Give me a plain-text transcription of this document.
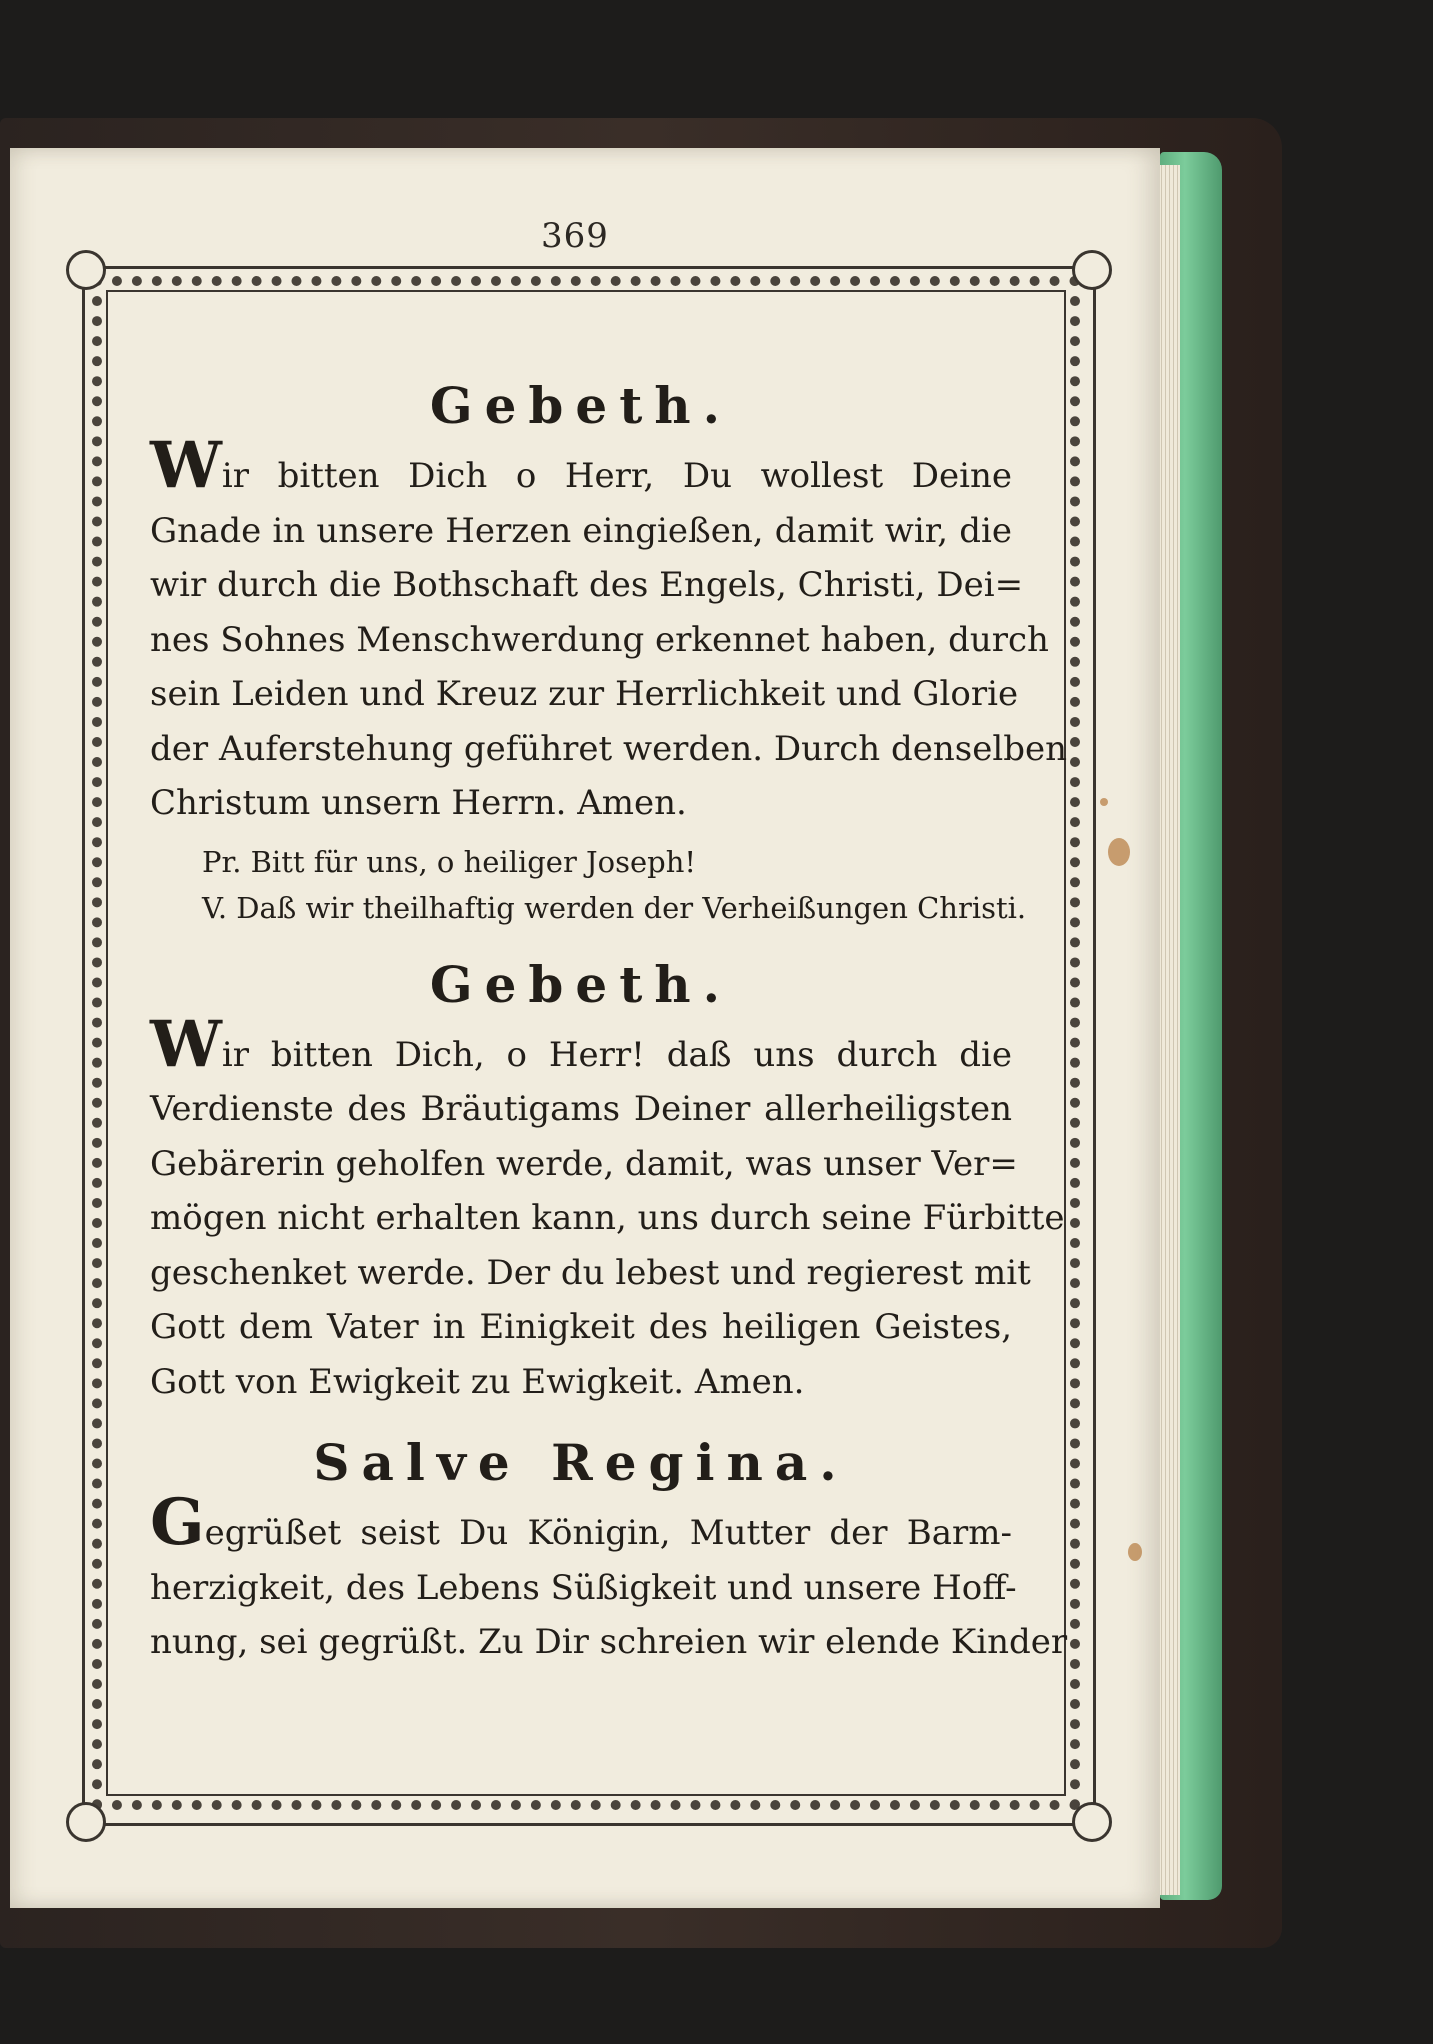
369
Gebeth.
Wir bitten Dich o Herr, Du wollest Deine
Gnade in unsere Herzen eingießen, damit wir, die
wir durch die Bothschaft des Engels, Christi, Dei=
nes Sohnes Menschwerdung erkennet haben, durch
sein Leiden und Kreuz zur Herrlichkeit und Glorie
der Auferstehung geführet werden. Durch denselben
Christum unsern Herrn. Amen.

Pr. Bitt für uns, o heiliger Joseph!

V. Daß wir theilhaftig werden der Verheißungen Christi.

Gebeth.
Wir bitten Dich, o Herr! daß uns durch die
Verdienste des Bräutigams Deiner allerheiligsten
Gebärerin geholfen werde, damit, was unser Ver=
mögen nicht erhalten kann, uns durch seine Fürbitte
geschenket werde. Der du lebest und regierest mit
Gott dem Vater in Einigkeit des heiligen Geistes,
Gott von Ewigkeit zu Ewigkeit. Amen.
Salve Regina.
Gegrüßet seist Du Königin, Mutter der Barm-
herzigkeit, des Lebens Süßigkeit und unsere Hoff-
nung, sei gegrüßt. Zu Dir schreien wir elende Kinder
